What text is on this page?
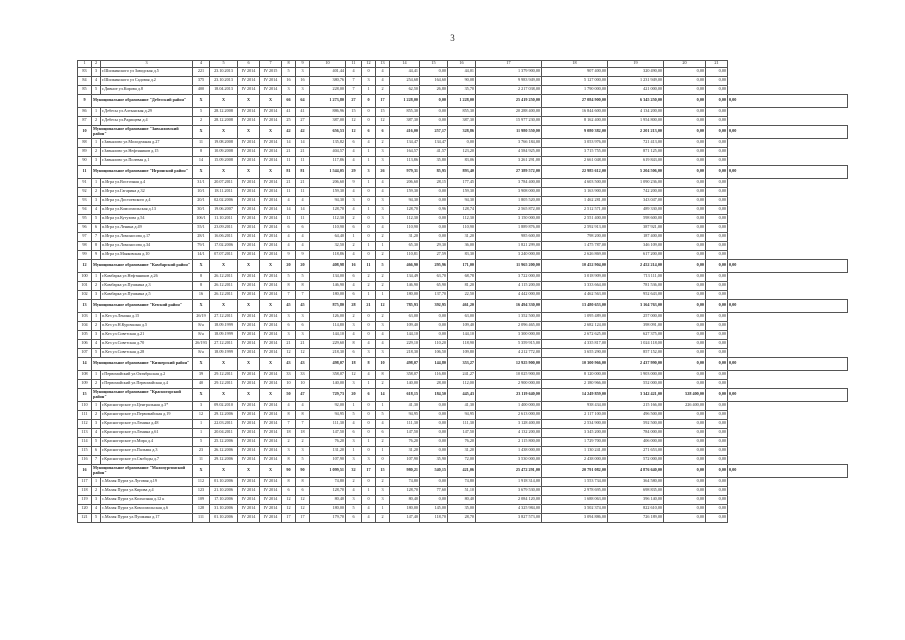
3
1	2	3	4	5	6	7	8	9	10	11	12	13	14	15	16	17	18	19	20	21	
83	3	г.Шилкинского ул Заводская д.5	221	23.10.2013	IV 2014	IV 2015	5	3	401,44	4	0	4	44,41	0,00	44,01	1 379 900,00	907 400,00	320 490,00	0,00	0,00	
84	4	г.Шилкинского ул Садовая д.2	375	23.10.2013	IV 2014	IV 2014	16	16	380,76	7	3	4	254,68	164,60	90,08	9 983 949,00	5 127 000,00	1 231 949,00	0,00	0,00	
85	5	г.Дивное ул.Кирова д.8	400	18.04.2013	IV 2014	IV 2014	3	3	228,00	7	1	2	62,50	26,80	35,70	2 217 038,00	1 790 000,00	421 000,00	0,00	0,00	
9	Муниципальное образование "Дебесский район"		X	X	X	X	66	64	1 273,80	27	0	17	1 228,00	0,00	1 228,00	25 419 250,00	27 084 900,00	6 345 250,00	0,00	0,00	0,00
86	1	г.Дебесы ул.Алтынская д.29	5	28.12.2008	IV 2014	IV 2014	41	41	886,96	15	0	15	855,30	0,00	855,30	20 288 400,00	16 844 600,00	4 134 200,00	0,00	0,00	
87	2	г.Дебесы ул.Радищева д.4	2	28.12.2008	IV 2014	IV 2014	25	27	387,00	12	0	12	387,30	0,00	387,30	15 977 230,00	8 162 400,00	1 954 800,00	0,00	0,00	
10	Муниципальное образование "Завьяловский район"		X	X	X	X	42	42	656,53	12	6	6	416,00	257,17	328,86	11 980 550,00	9 080 382,00	2 201 213,00	0,00	0,00	0,00
88	1	г.Завьялово ул.Молодежная д.27	11	19.08.2008	IV 2014	IV 2014	14	14	135,82	6	4	2	134,47	134,47	0,00	3 766 184,00	3 053 976,00	721 413,00	0,00	0,00	
89	2	г.Завьялово ул.Нефтяников д.15	8	10.09.2008	IV 2014	IV 2014	21	21	404,57	4	1	3	164,57	41,57	123,20	4 584 925,00	3 715 755,00	871 125,00	0,00	0,00	
90	3	г.Завьялово ул.Полевая д.1	14	15.09.2008	IV 2014	IV 2014	11	11	117,86	4	1	3	113,86	35,80	83,06	3 261 291,00	2 661 048,00	619 843,00	0,00	0,00	
11	Муниципальное образование "Игринский район"		X	X	X	X	81	81	1 544,05	29	3	26	979,31	85,95	893,40	27 389 572,00	22 985 612,00	5 204 506,00	0,00	0,00	0,00
91	1	п.Игра ул.Восточная д.4	31/1	20.07.2011	IV 2014	IV 2014	21	21	206,60	9	1	4	206,60	28,15	177,45	3 784 400,00	4 603 500,00	1 090 236,00	0,00	0,00	
92	2	п.Игра ул.Гагарина д.32	10/1	18.11.2011	IV 2014	IV 2014	11	11	159,30	4	0	4	159,30	0,00	159,30	3 908 000,00	3 163 900,00	742 200,00	0,00	0,00	
93	3	п.Игра ул.Достоевского д.4	20/1	02.02.2006	IV 2014	IV 2014	4	4	94,30	3	0	3	94,30	0,00	94,30	1 805 520,00	1 462 281,00	343 047,00	0,00	0,00	
94	4	п.Игра ул.Комсомольская д.13	30/1	19.06.2007	IV 2014	IV 2014	14	14	128,70	4	1	3	128,70	0,96	128,74	2 565 872,00	2 512 571,00	489 330,00	0,00	0,00	
95	5	п.Игра ул.Кутузова д.54	106/1	11.10.2011	IV 2014	IV 2014	11	11	112,30	2	0	3	112,30	0,00	112,30	3 150 000,00	2 551 400,00	598 600,00	0,00	0,00	
96	6	п.Игра ул.Ленина д.49	55/1	23.09.2011	IV 2014	IV 2014	6	6	110,90	6	0	4	110,90	0,00	110,90	1 889 876,00	2 592 913,00	387 921,00	0,00	0,00	
97	7	п.Игра ул.Ломоносова д.17	28/1	16.06.2011	IV 2014	IV 2014	4	4	64,40	1	0	2	31,20	0,00	31,20	985 600,00	798 200,00	187 400,00	0,00	0,00	
98	8	п.Игра ул.Ломоносова д.34	79/1	17.02.2006	IV 2014	IV 2014	4	4	32,50	2	1	1	65,30	29,30	36,00	1 821 299,00	1 475 787,00	346 109,00	0,00	0,00	
99	9	п.Игра ул.Маяковская д.10	14/1	07.07.2011	IV 2014	IV 2014	9	9	118,86	4	0	2	110,81	27,59	83,30	3 240 000,00	2 626 869,00	617 200,00	0,00	0,00	
12	Муниципальное образование "Камбарский район"		X	X	X	X	20	20	408,98	16	11	5	466,90	295,96	171,00	11 965 200,00	10 452 904,00	2 452 214,00	0,00	0,00	0,00
100	1	г.Камбарка ул.Нефтяников д.26	8	26.12.2011	IV 2014	IV 2014	5	5	134,00	6	2	2	134,49	63,70	68,78	3 722 000,00	3 018 909,00	713 111,00	0,00	0,00	
101	2	г.Камбарка ул.Пушкина д.3	8	26.12.2011	IV 2014	IV 2014	8	8	146,90	4	2	2	146,90	65,90	81,20	4 115 200,00	3 333 664,00	781 536,00	0,00	0,00	
102	3	г.Камбарка ул.Пушкина д.5	16	26.12.2011	IV 2014	IV 2014	7	7	180,00	6	1	1	180,00	137,70	22,50	4 442 000,00	4 462 563,00	952 643,00	0,00	0,00	
13	Муниципальное образование "Кезский район"		X	X	X	X	45	45	875,80	28	21	12	785,93	392,95	461,20	16 494 330,00	13 480 653,00	3 164 763,00	0,00	0,00	0,00
103	1	п.Кез ул.Ленина д.15	26/19	27.12.2011	IV 2014	IV 2014	3	3	126,00	2	0	2	63,00	0,00	63,00	1 352 500,00	1 095 489,00	257 000,00	0,00	0,00	
104	2	п.Кез ул.Н.Курочкина д.5	8/u	18.09.1999	IV 2014	IV 2014	6	6	114,80	3	0	3	109,40	0,00	109,40	2 096 465,00	2 682 124,00	398 091,00	0,00	0,00	
105	3	п.Кез ул.Советская д.21	8/u	18.09.1999	IV 2014	IV 2014	3	3	144,10	4	0	4	144,10	0,00	144,10	3 300 000,00	2 672 625,00	627 375,00	0,00	0,00	
106	4	п.Кез ул.Советская д.70	26/193	27.12.2011	IV 2014	IV 2014	21	21	229,60	8	4	4	229,10	110,20	118,90	5 359 915,00	4 335 817,00	1 024 118,00	0,00	0,00	
107	5	п.Кез ул.Советская д.28	8/u	18.09.1999	IV 2014	IV 2014	12	12	218,30	6	3	3	218,30	106,50	109,80	4 212 772,00	3 655 290,00	857 152,00	0,00	0,00	
14	Муниципальное образование "Кизнерский район"		X	X	X	X	43	43	498,07	18	8	10	498,07	144,80	353,27	12 925 900,00	10 300 966,00	2 437 990,00	0,00	0,00	0,00
108	1	г.Первомайский ул.Октябрьская д.2	39	29.12.2011	IV 2014	IV 2014	33	33	358,07	12	4	8	358,07	116,80	241,27	10 025 900,00	8 120 000,00	1 903 000,00	0,00	0,00	
109	2	г.Первомайский ул.Первомайская д.4	40	29.12.2011	IV 2014	IV 2014	10	10	140,00	3	1	2	140,00	28,00	112,00	2 900 000,00	2 180 966,00	552 000,00	0,00	0,00	
15	Муниципальное образование "Красногорский район"		X	X	X	X	50	47	729,73	20	6	14	618,15	184,50	445,43	23 119 640,00	14 249 859,00	3 342 421,00	528 400,00	0,00	0,00
110	1	г.Красногорское ул.Центральная д.3*	3	09.02.2010	IV 2014	IV 2014	4	4	92,00	1	0	1	41,30	0,00	41,30	1 400 000,00	938 434,00	215 166,00	226 400,00	0,00	
111	2	г.Красногорское ул.Первомайская д.19	12	29.12.2006	IV 2014	IV 2014	8	8	94,95	5	0	5	94,95	0,00	94,95	2 613 000,00	2 117 100,00	496 500,00	0,00	0,00	
112	3	г.Красногорское ул.Ленина д.48	1	22.03.2011	IV 2014	IV 2014	7	7	111,30	4	0	4	111,30	0,00	111,30	3 128 400,00	2 534 900,00	592 500,00	0,00	0,00	
113	4	г.Красногорское ул.Ленина д.61	1	20.04.2011	IV 2014	IV 2014	18	18	147,50	6	0	6	147,50	0,00	147,50	4 132 200,00	3 345 200,00	784 000,00	0,00	0,00	
114	5	г.Красногорское ул.Мира д.4	5	25.12.2006	IV 2014	IV 2014	2	2	76,20	3	1	2	76,20	0,00	76,20	2 115 800,00	1 729 700,00	406 000,00	0,00	0,00	
115	6	г.Красногорское ул.Пальмы д.3	23	26.12.2006	IV 2014	IV 2014	3	3	131,20	1	0	1	31,20	0,00	31,20	1 438 000,00	1 130 241,00	271 653,00	0,00	0,00	
116	7	г.Красногорское ул.Свободы д.7	11	29.12.2006	IV 2014	IV 2014	8	5	107,90	3	3	0	107,90	35,90	72,00	3 530 000,00	2 438 000,00	572 000,00	0,00	0,00	
16	Муниципальное образование "Малопургинский район"		X	X	X	X	90	90	1 099,51	32	17	15	980,21	540,15	421,06	25 472 291,00	20 791 082,00	4 876 640,00	0,00	0,00	0,00
117	1	с.Малая Пурга ул.Луговая д.19	112	01.10.2006	IV 2014	IV 2014	8	8	74,80	2	0	2	74,80	0,00	74,80	1 918 314,00	1 553 734,00	364 580,00	0,00	0,00	
118	2	с.Малая Пурга ул.Кирова д.4	123	21.10.2006	IV 2014	IV 2014	6	6	128,70	4	1	3	128,70	77,60	51,10	3 679 530,00	2 978 695,00	698 835,00	0,00	0,00	
119	3	с.Малая Пурга ул.Колхозная д.12 к	109	17.10.2006	IV 2014	IV 2014	12	12	80,40	3	0	3	80,40	0,00	80,40	2 084 120,00	1 688 063,00	396 140,00	0,00	0,00	
120	4	с.Малая Пурга ул.Комсомольская д.6	128	31.10.2006	IV 2014	IV 2014	12	12	180,00	5	4	1	180,00	145,00	35,00	4 325 984,00	3 502 374,00	822 610,00	0,00	0,00	
121	5	с.Малая Пурга ул.Пушкина д.17	111	01.10.2006	IV 2014	IV 2014	17	17	179,70	6	4	2	147,40	118,70	28,70	3 827 573,00	3 094 886,00	726 189,00	0,00	0,00	
